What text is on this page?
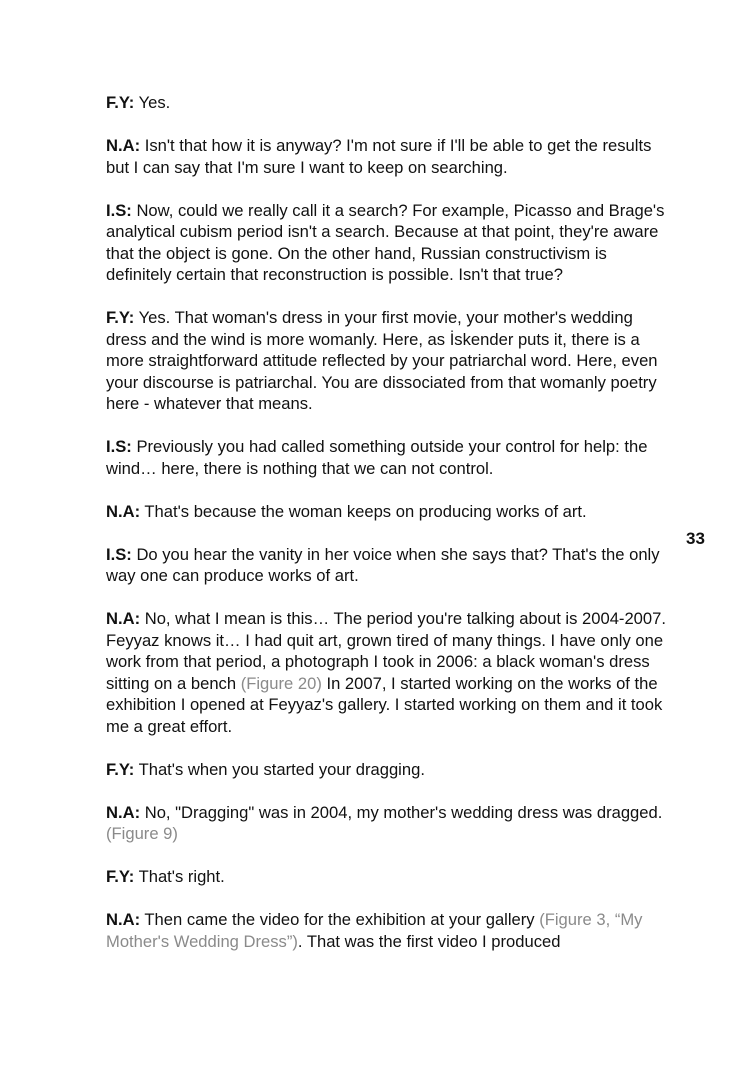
F.Y: Yes.

N.A: Isn't that how it is anyway? I'm not sure if I'll be able to get the results but I can say that I'm sure I want to keep on searching.

I.S: Now, could we really call it a search? For example, Picasso and Brage's analytical cubism period isn't a search. Because at that point, they're aware that the object is gone. On the other hand, Russian constructivism is definitely certain that reconstruction is possible. Isn't that true?

F.Y: Yes. That woman's dress in your first movie, your mother's wedding dress and the wind is more womanly. Here, as İskender puts it, there is a more straightforward attitude reflected by your patriarchal word. Here, even your discourse is patriarchal. You are dissociated from that womanly poetry here - whatever that means.

I.S: Previously you had called something outside your control for help: the wind… here, there is nothing that we can not control.

N.A: That's because the woman keeps on producing works of art.

I.S: Do you hear the vanity in her voice when she says that? That's the only way one can produce works of art.

N.A: No, what I mean is this… The period you're talking about is 2004-2007. Feyyaz knows it… I had quit art, grown tired of many things. I have only one work from that period, a photograph I took in 2006: a black woman's dress sitting on a bench (Figure 20) In 2007, I started working on the works of the exhibition I opened at Feyyaz's gallery. I started working on them and it took me a great effort.

F.Y: That's when you started your dragging.

N.A: No, "Dragging" was in 2004, my mother's wedding dress was dragged. (Figure 9)

F.Y: That's right.

N.A: Then came the video for the exhibition at your gallery (Figure 3, “My Mother's Wedding Dress”). That was the first video I produced

33
